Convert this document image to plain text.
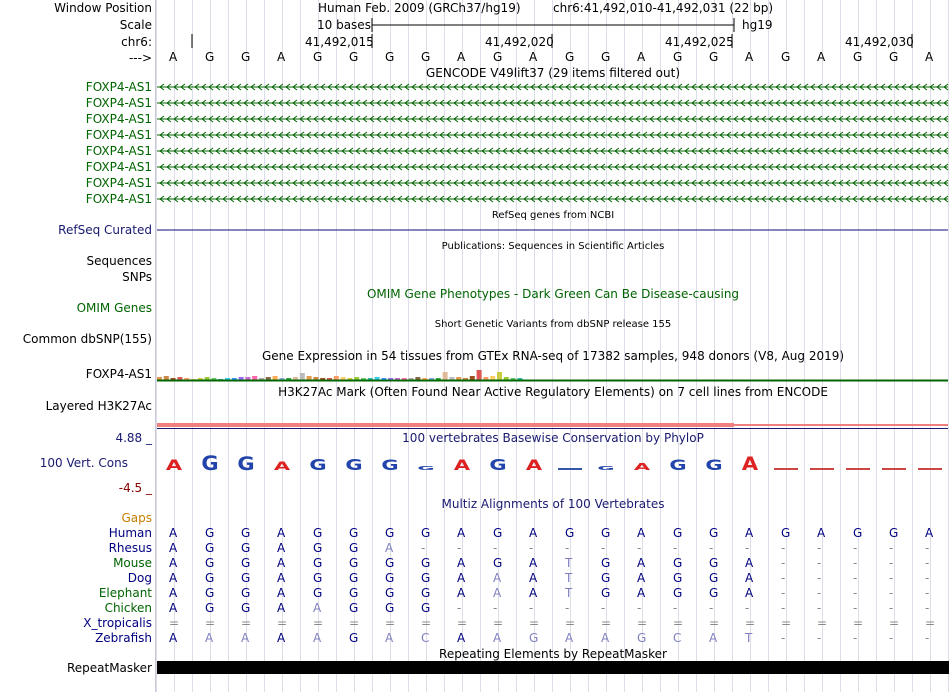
A G G A G G G G A G A	G A G G A
Window Position
Scale
chr6:
--->
Human Feb. 2009 (GRCh37/hg19)	chr6:41,492,010-41,492,031 (22 bp)
10 bases	hg19
41,492,015	41,492,020	41,492,025	41,492,030
A G G A G G G G A G A G G A G G A G A G G A
GENCODE V49lift37 (29 items filtered out)
FOXP4-AS1
FOXP4-AS1
FOXP4-AS1
FOXP4-AS1
FOXP4-AS1
FOXP4-AS1
FOXP4-AS1
FOXP4-AS1
RefSeq genes from NCBI
RefSeq Curated
Publications: Sequences in Scientific Articles
Sequences
SNPs
OMIM Gene Phenotypes - Dark Green Can Be Disease-causing
OMIM Genes
Short Genetic Variants from dbSNP release 155
Common dbSNP(155)
Gene Expression in 54 tissues from GTEx RNA-seq of 17382 samples, 948 donors (V8, Aug 2019)
FOXP4-AS1
H3K27Ac Mark (Often Found Near Active Regulatory Elements) on 7 cell lines from ENCODE
Layered H3K27Ac
100 vertebrates Basewise Conservation by PhyloP
4.88 _
100 Vert. Cons
-4.5 _
Multiz Alignments of 100 Vertebrates
Gaps
Human A G G A G G G G A G A G G A G G A G A G G A
Rhesus A G G A G G A -	-	-	-	-	-	-	-	-	-	-	-	-	-	-
Mouse A G G A G G G G A G A T G A G G A -	-	-	-	-
Dog A G G A G G G G A A A T G A G G A -	-	-	-	-
Elephant A G G A G G G G A A A T G A G G A -	-	-	-	-
Chicken A G G A A G G G -	-	-	-	-	-	-	-	-	-	-	-	-	-
X_tropicalis = = = = = = = = = = = = = = = = = = = = = =
Zebrafish A A A A A G A C A A G A A G C A T -	-	-	-	-
Repeating Elements by RepeatMasker
RepeatMasker
